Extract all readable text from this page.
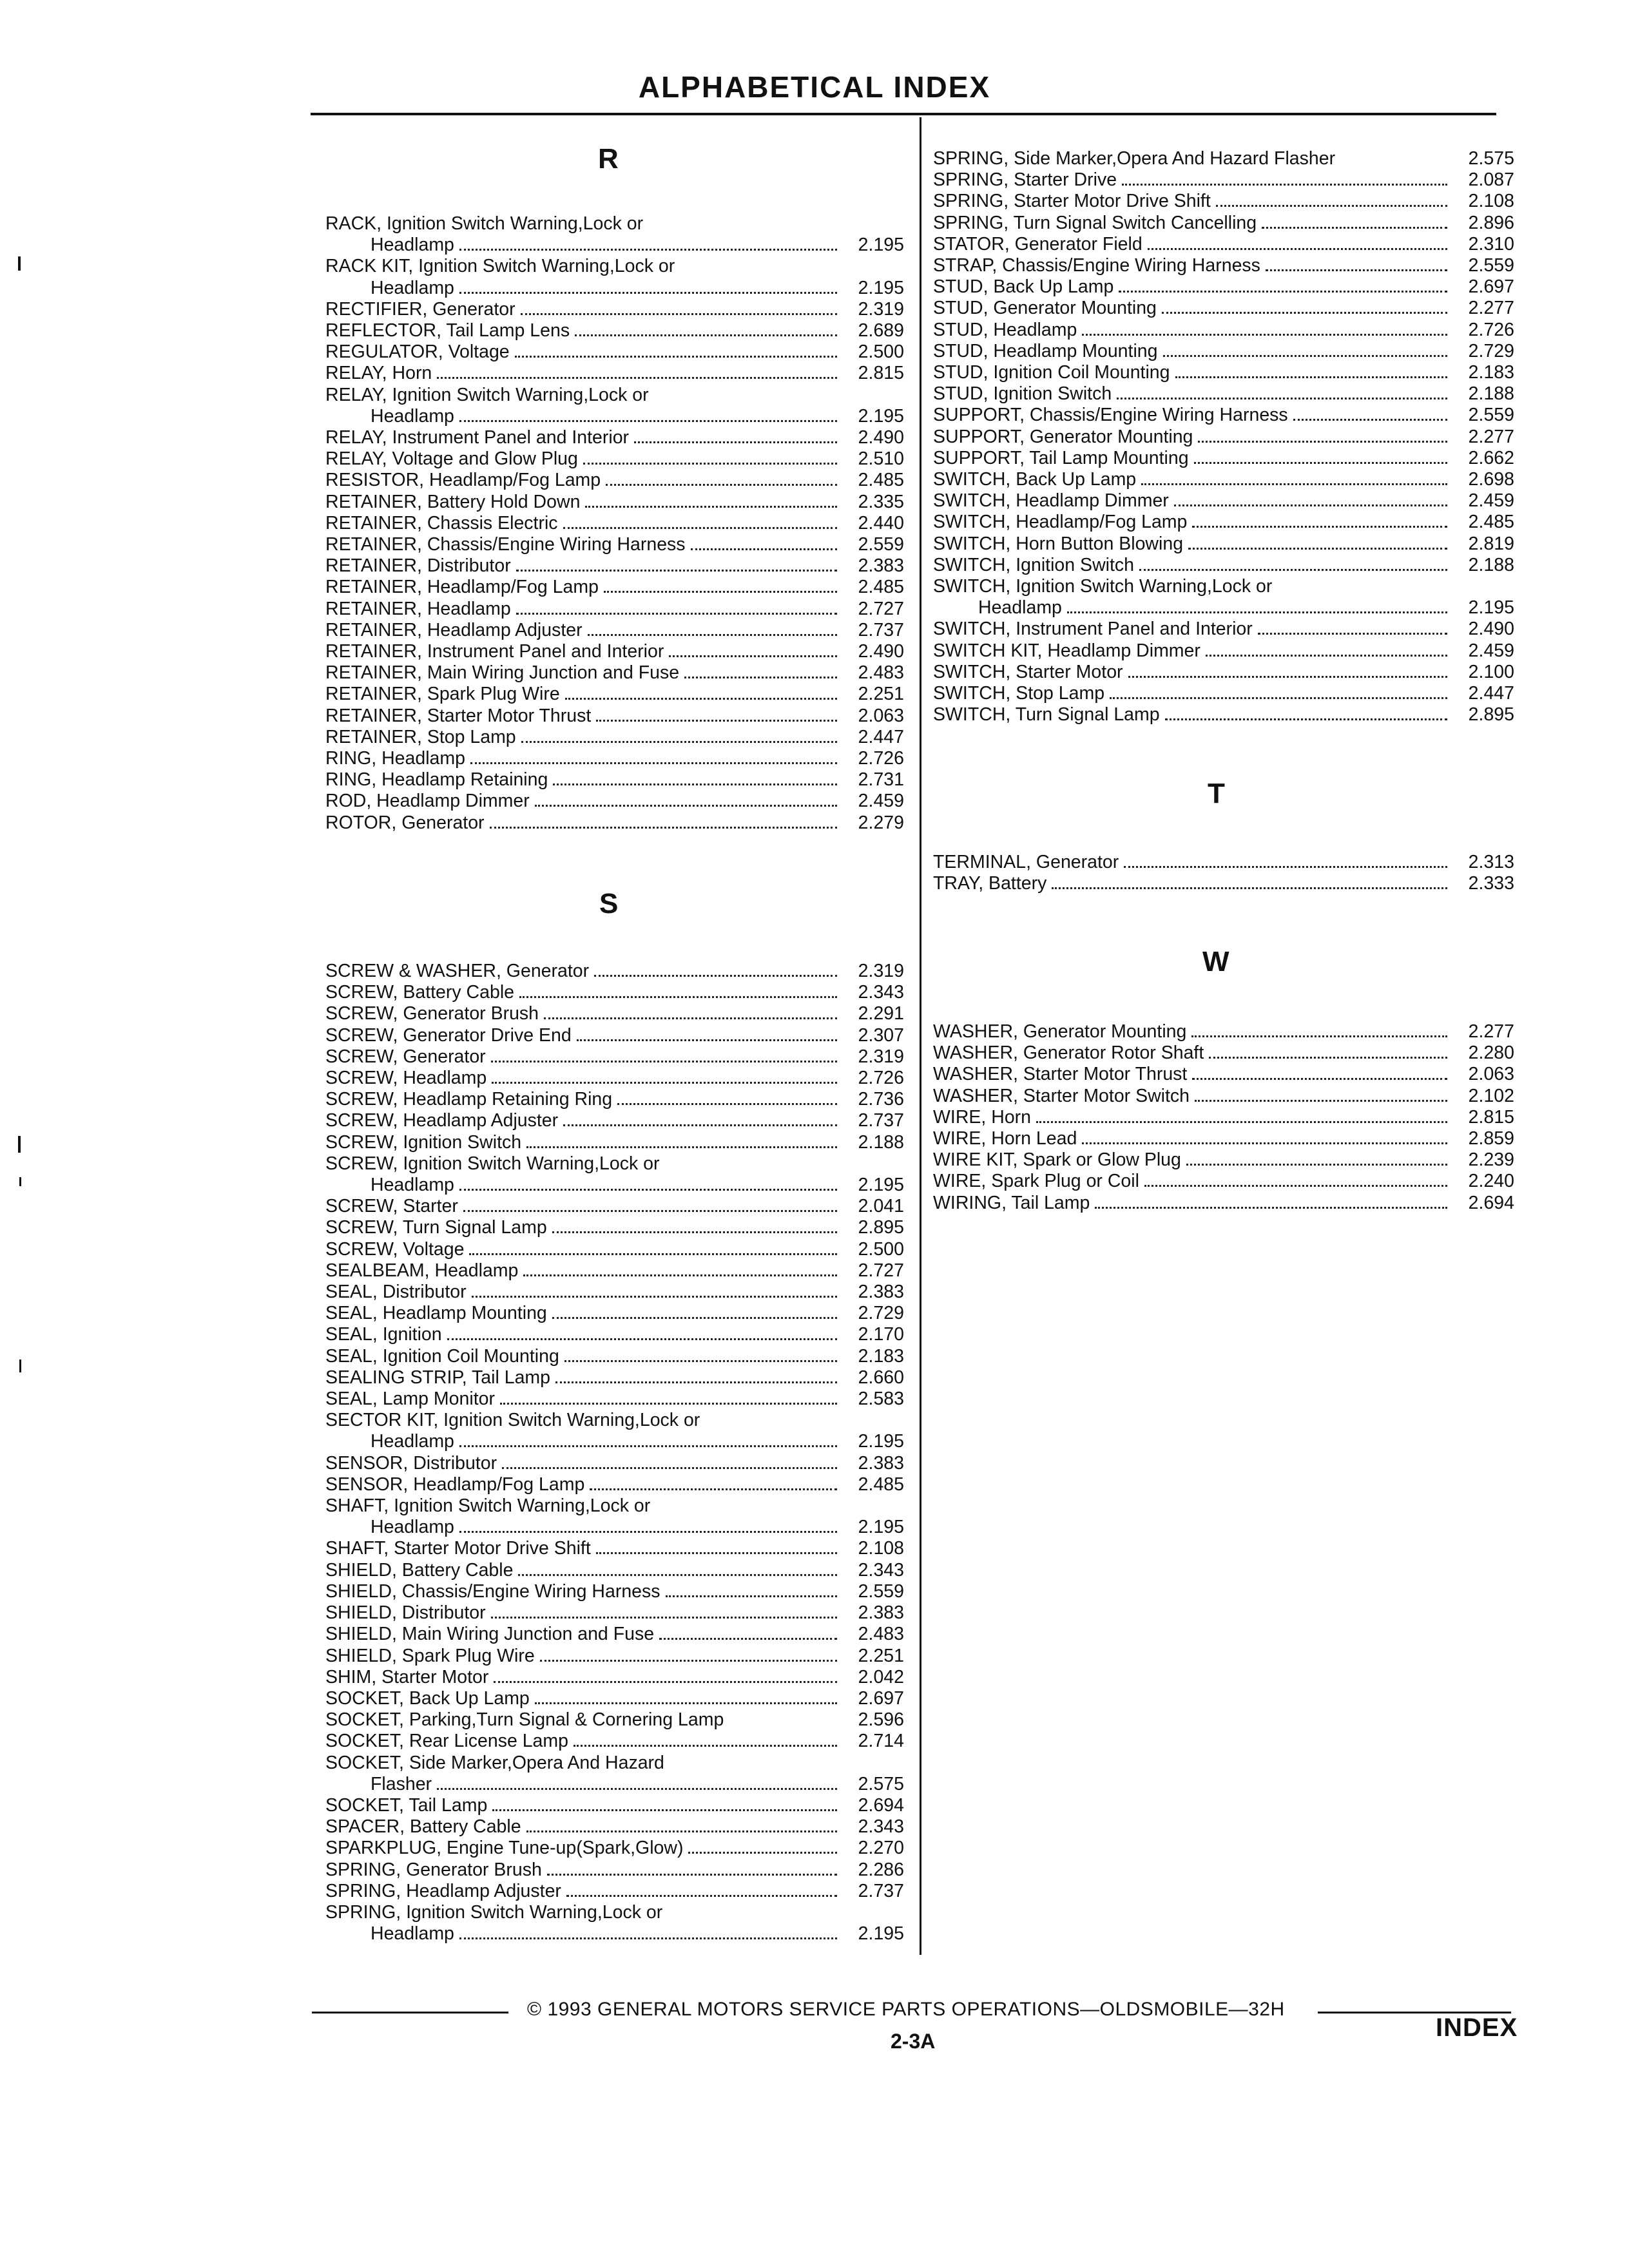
ALPHABETICAL INDEX
R
S
T
W
RACK, Ignition Switch Warning,Lock or
Headlamp	2.195
RACK KIT, Ignition Switch Warning,Lock or
Headlamp	2.195
RECTIFIER, Generator	2.319
REFLECTOR, Tail Lamp Lens	2.689
REGULATOR, Voltage	2.500
RELAY, Horn	2.815
RELAY, Ignition Switch Warning,Lock or
Headlamp	2.195
RELAY, Instrument Panel and Interior	2.490
RELAY, Voltage and Glow Plug	2.510
RESISTOR, Headlamp/Fog Lamp	2.485
RETAINER, Battery Hold Down	2.335
RETAINER, Chassis Electric	2.440
RETAINER, Chassis/Engine Wiring Harness	2.559
RETAINER, Distributor	2.383
RETAINER, Headlamp/Fog Lamp	2.485
RETAINER, Headlamp	2.727
RETAINER, Headlamp Adjuster	2.737
RETAINER, Instrument Panel and Interior	2.490
RETAINER, Main Wiring Junction and Fuse	2.483
RETAINER, Spark Plug Wire	2.251
RETAINER, Starter Motor Thrust	2.063
RETAINER, Stop Lamp	2.447
RING, Headlamp	2.726
RING, Headlamp Retaining	2.731
ROD, Headlamp Dimmer	2.459
ROTOR, Generator	2.279
SCREW & WASHER, Generator	2.319
SCREW, Battery Cable	2.343
SCREW, Generator Brush	2.291
SCREW, Generator Drive End	2.307
SCREW, Generator	2.319
SCREW, Headlamp	2.726
SCREW, Headlamp Retaining Ring	2.736
SCREW, Headlamp Adjuster	2.737
SCREW, Ignition Switch	2.188
SCREW, Ignition Switch Warning,Lock or
Headlamp	2.195
SCREW, Starter	2.041
SCREW, Turn Signal Lamp	2.895
SCREW, Voltage	2.500
SEALBEAM, Headlamp	2.727
SEAL, Distributor	2.383
SEAL, Headlamp Mounting	2.729
SEAL, Ignition	2.170
SEAL, Ignition Coil Mounting	2.183
SEALING STRIP, Tail Lamp	2.660
SEAL, Lamp Monitor	2.583
SECTOR KIT, Ignition Switch Warning,Lock or
Headlamp	2.195
SENSOR, Distributor	2.383
SENSOR, Headlamp/Fog Lamp	2.485
SHAFT, Ignition Switch Warning,Lock or
Headlamp	2.195
SHAFT, Starter Motor Drive Shift	2.108
SHIELD, Battery Cable	2.343
SHIELD, Chassis/Engine Wiring Harness	2.559
SHIELD, Distributor	2.383
SHIELD, Main Wiring Junction and Fuse	2.483
SHIELD, Spark Plug Wire	2.251
SHIM, Starter Motor	2.042
SOCKET, Back Up Lamp	2.697
SOCKET, Parking,Turn Signal & Cornering Lamp	2.596
SOCKET, Rear License Lamp	2.714
SOCKET, Side Marker,Opera And Hazard
Flasher	2.575
SOCKET, Tail Lamp	2.694
SPACER, Battery Cable	2.343
SPARKPLUG, Engine Tune-up(Spark,Glow)	2.270
SPRING, Generator Brush	2.286
SPRING, Headlamp Adjuster	2.737
SPRING, Ignition Switch Warning,Lock or
Headlamp	2.195
SPRING, Side Marker,Opera And Hazard Flasher	2.575
SPRING, Starter Drive	2.087
SPRING, Starter Motor Drive Shift	2.108
SPRING, Turn Signal Switch Cancelling	2.896
STATOR, Generator Field	2.310
STRAP, Chassis/Engine Wiring Harness	2.559
STUD, Back Up Lamp	2.697
STUD, Generator Mounting	2.277
STUD, Headlamp	2.726
STUD, Headlamp Mounting	2.729
STUD, Ignition Coil Mounting	2.183
STUD, Ignition Switch	2.188
SUPPORT, Chassis/Engine Wiring Harness	2.559
SUPPORT, Generator Mounting	2.277
SUPPORT, Tail Lamp Mounting	2.662
SWITCH, Back Up Lamp	2.698
SWITCH, Headlamp Dimmer	2.459
SWITCH, Headlamp/Fog Lamp	2.485
SWITCH, Horn Button Blowing	2.819
SWITCH, Ignition Switch	2.188
SWITCH, Ignition Switch Warning,Lock or
Headlamp	2.195
SWITCH, Instrument Panel and Interior	2.490
SWITCH KIT, Headlamp Dimmer	2.459
SWITCH, Starter Motor	2.100
SWITCH, Stop Lamp	2.447
SWITCH, Turn Signal Lamp	2.895
TERMINAL, Generator	2.313
TRAY, Battery	2.333
WASHER, Generator Mounting	2.277
WASHER, Generator Rotor Shaft	2.280
WASHER, Starter Motor Thrust	2.063
WASHER, Starter Motor Switch	2.102
WIRE, Horn	2.815
WIRE, Horn Lead	2.859
WIRE KIT, Spark or Glow Plug	2.239
WIRE, Spark Plug or Coil	2.240
WIRING, Tail Lamp	2.694
© 1993 GENERAL MOTORS SERVICE PARTS OPERATIONS—OLDSMOBILE—32H
2-3A	INDEX
